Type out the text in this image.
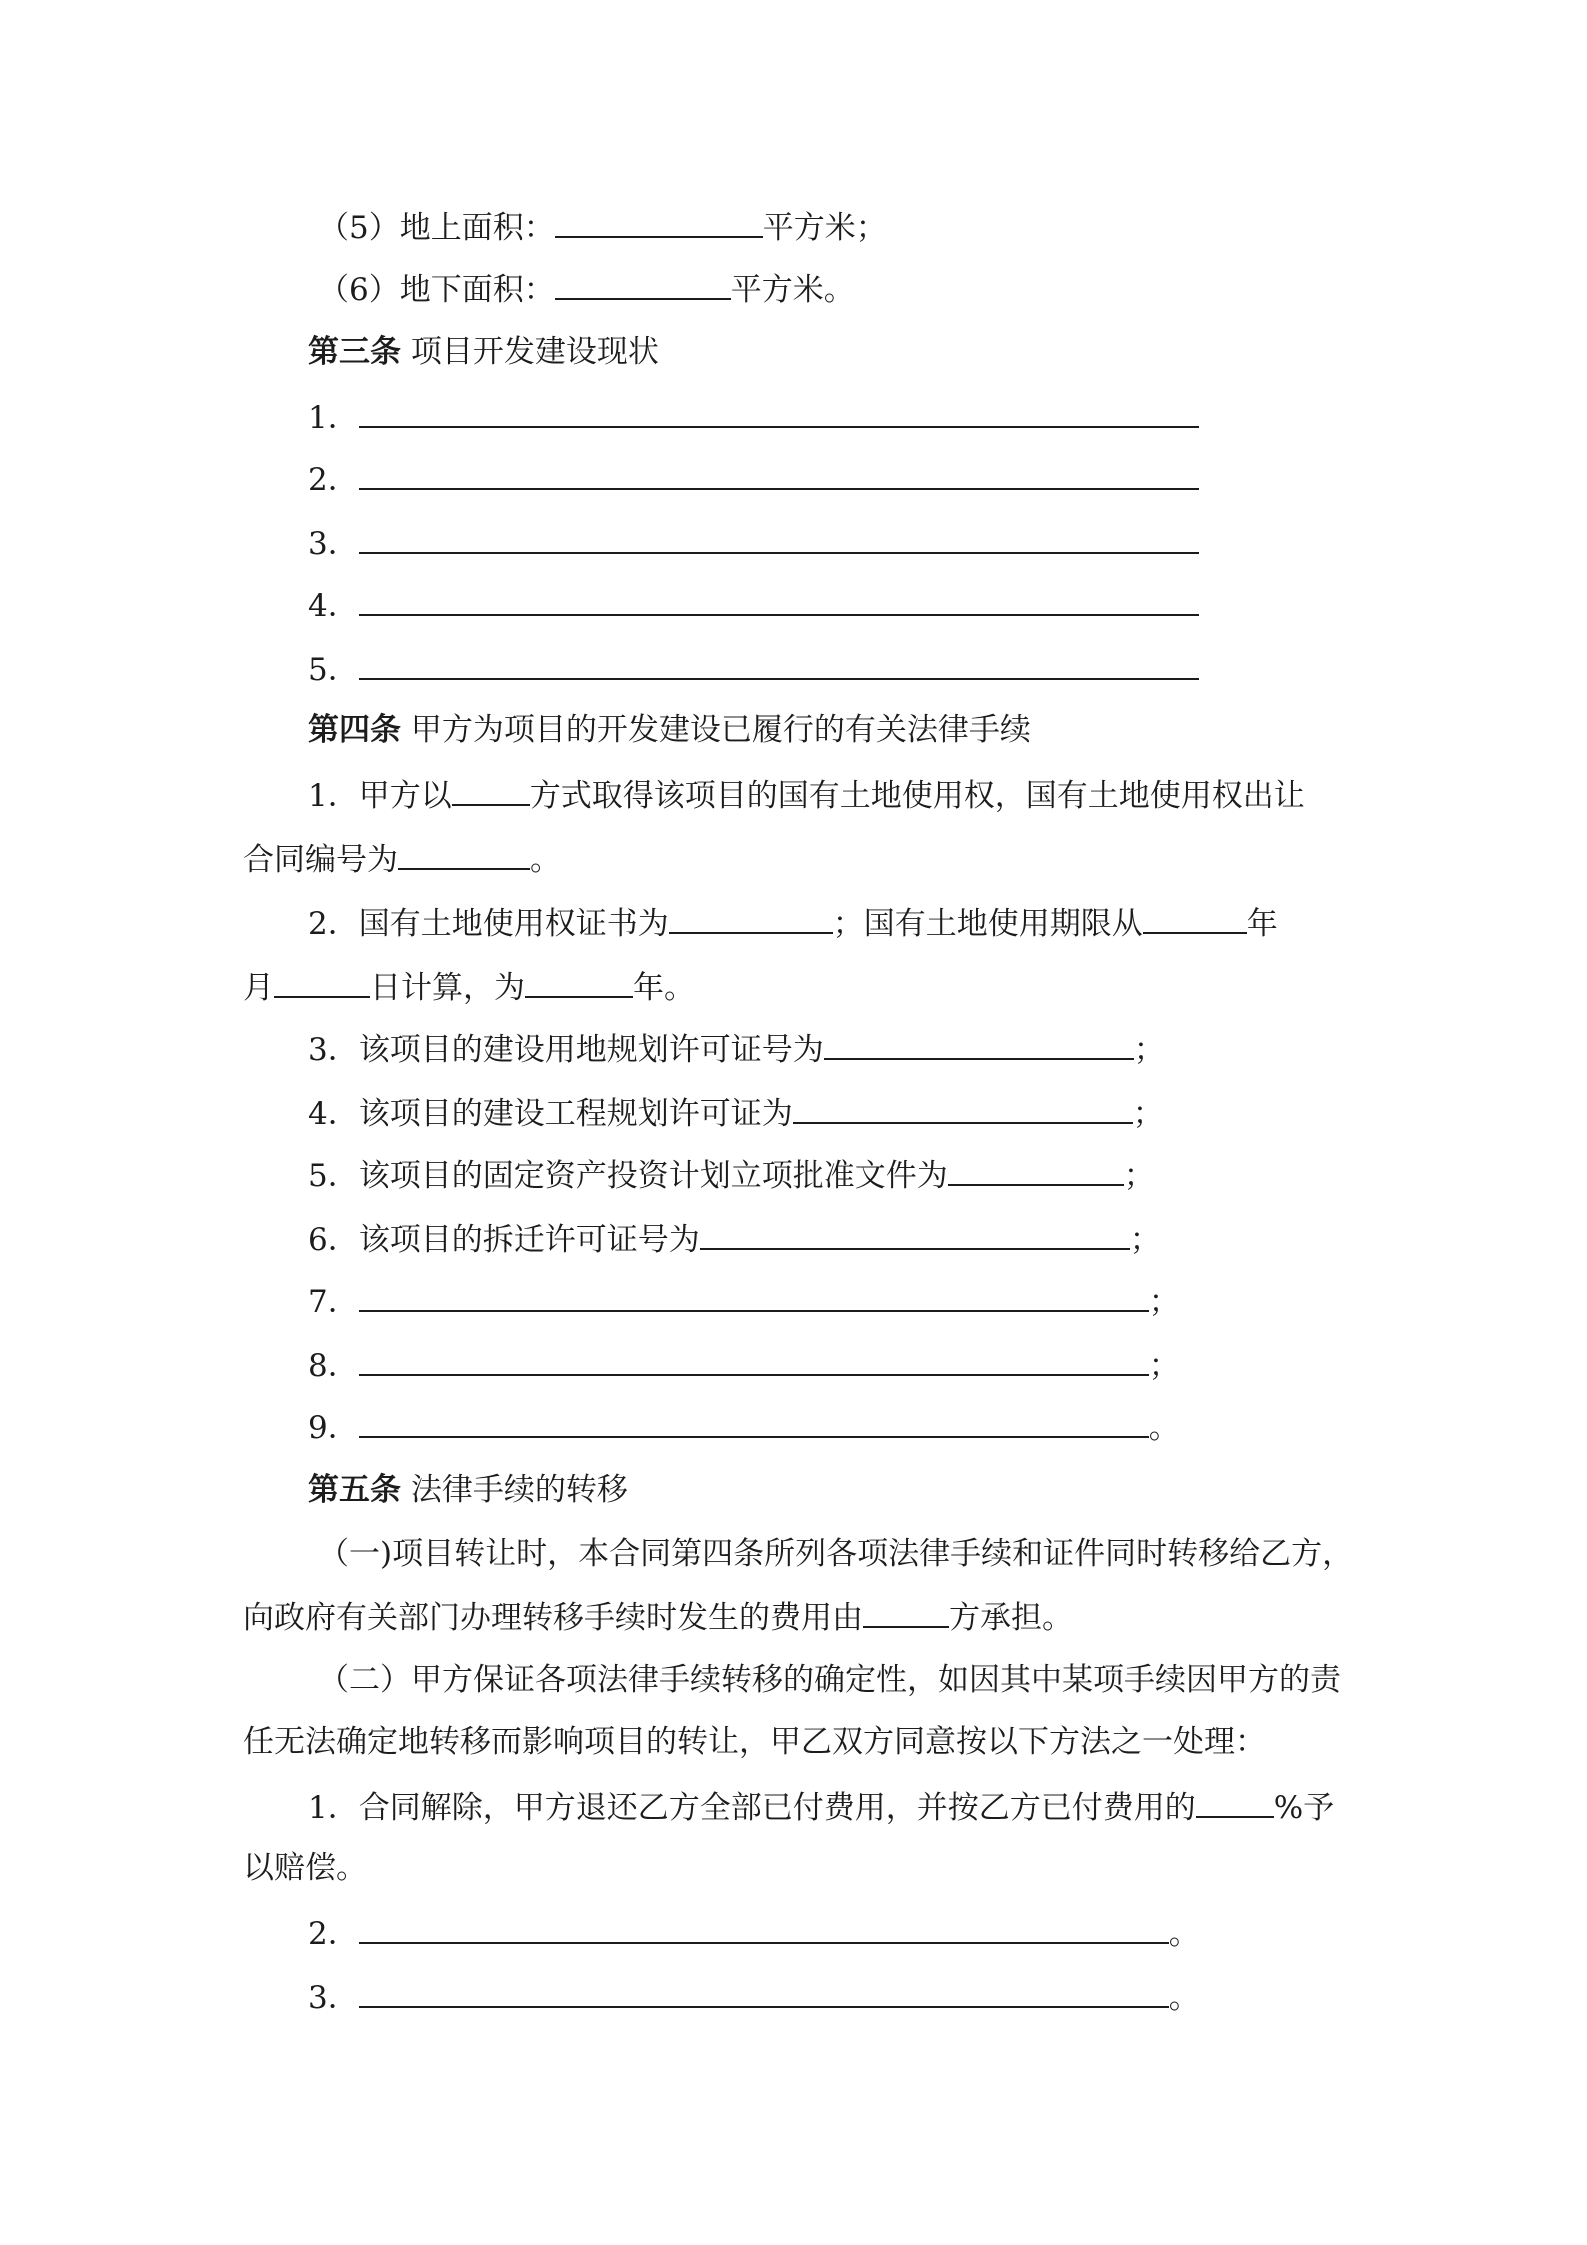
（5）地上面积：	平方米；
（6）地下面积：	平方米。
第三条 项目开发建设现状
1．
2．
3．
4．
5．
第四条 甲方为项目的开发建设已履行的有关法律手续
1．甲方以	方式取得该项目的国有土地使用权，国有土地使用权出让
合同编号为	。
2．国有土地使用权证书为	；国有土地使用期限从	年
月	日计算，为	年。
3．该项目的建设用地规划许可证号为	；
4．该项目的建设工程规划许可证为	；
5．该项目的固定资产投资计划立项批准文件为	；
6．该项目的拆迁许可证号为	；
7．	；
8．	；
9．	。
第五条 法律手续的转移
（一)项目转让时，本合同第四条所列各项法律手续和证件同时转移给乙方，
向政府有关部门办理转移手续时发生的费用由	方承担。
（二）甲方保证各项法律手续转移的确定性，如因其中某项手续因甲方的责
任无法确定地转移而影响项目的转让，甲乙双方同意按以下方法之一处理：
1．合同解除，甲方退还乙方全部已付费用，并按乙方已付费用的	%予
以赔偿。
2．	。
3．	。
